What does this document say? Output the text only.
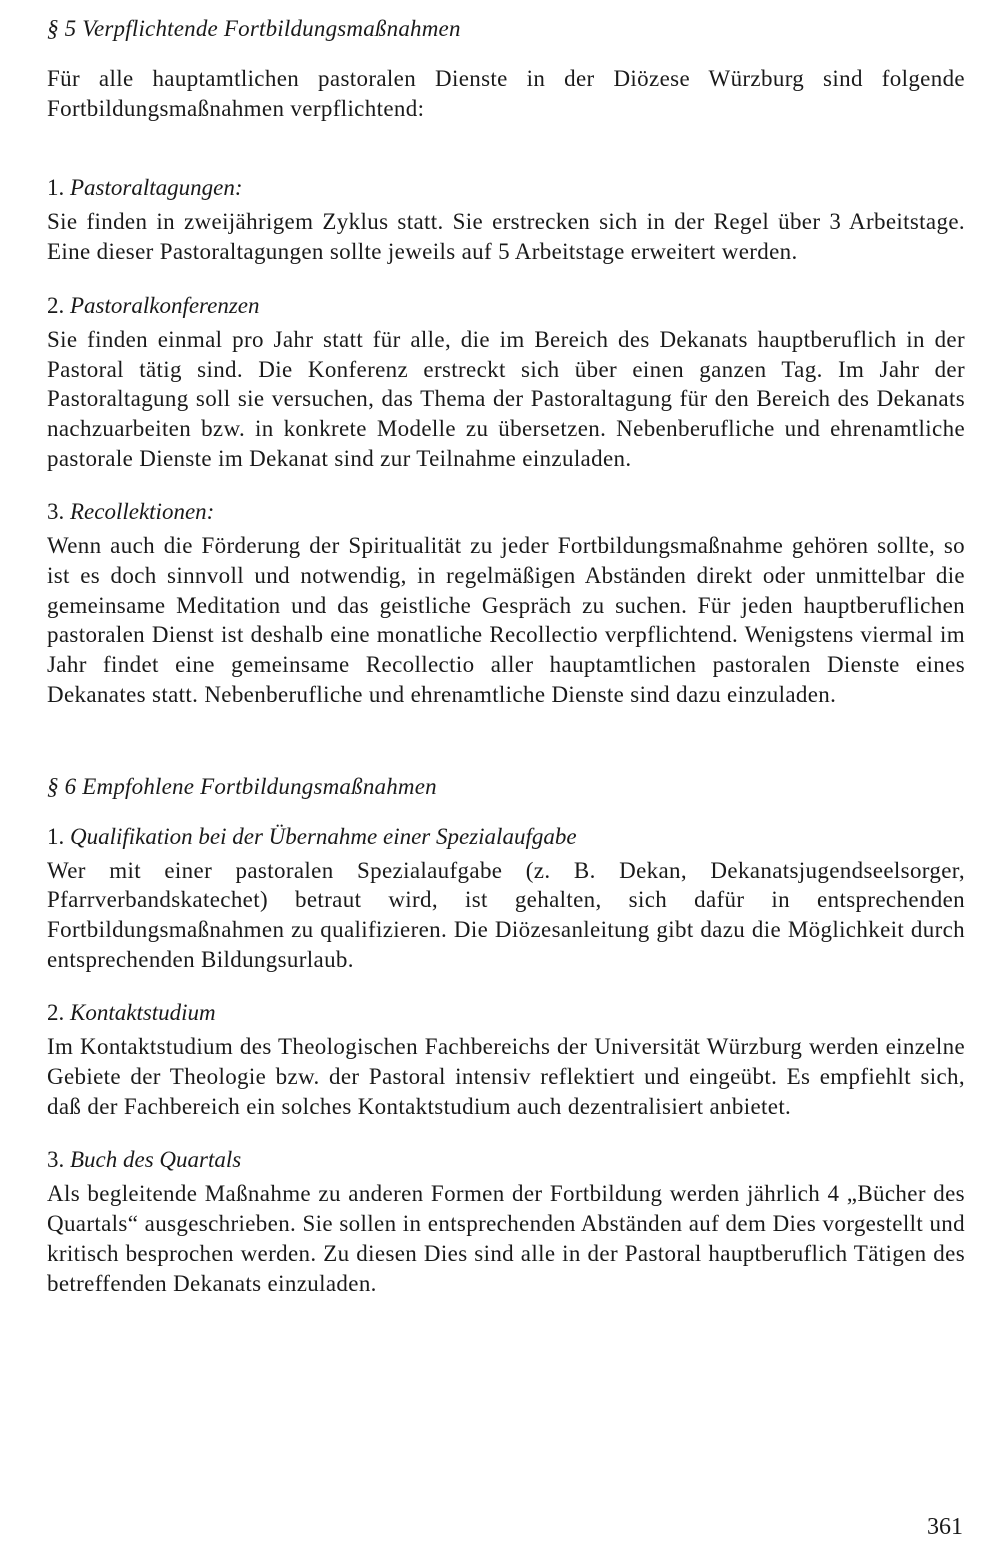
§ 5 Verpflichtende Fortbildungsmaßnahmen

Für alle hauptamtlichen pastoralen Dienste in der Diözese Würzburg sind folgende Fortbildungsmaßnahmen verpflichtend:

1. Pastoraltagungen:

Sie finden in zweijährigem Zyklus statt. Sie erstrecken sich in der Regel über 3 Arbeitstage. Eine dieser Pastoraltagungen sollte jeweils auf 5 Arbeitstage erweitert werden.

2. Pastoralkonferenzen

Sie finden einmal pro Jahr statt für alle, die im Bereich des Dekanats hauptberuflich in der Pastoral tätig sind. Die Konferenz erstreckt sich über einen ganzen Tag. Im Jahr der Pastoraltagung soll sie versuchen, das Thema der Pastoraltagung für den Bereich des Dekanats nachzuarbeiten bzw. in konkrete Modelle zu übersetzen. Nebenberufliche und ehrenamtliche pastorale Dienste im Dekanat sind zur Teilnahme einzuladen.

3. Recollektionen:

Wenn auch die Förderung der Spiritualität zu jeder Fortbildungsmaßnahme gehören sollte, so ist es doch sinnvoll und notwendig, in regelmäßigen Abständen direkt oder unmittelbar die gemeinsame Meditation und das geistliche Gespräch zu suchen. Für jeden hauptberuflichen pastoralen Dienst ist deshalb eine monatliche Recollectio verpflichtend. Wenigstens viermal im Jahr findet eine gemeinsame Recollectio aller hauptamtlichen pastoralen Dienste eines Dekanates statt. Nebenberufliche und ehrenamtliche Dienste sind dazu einzuladen.

§ 6 Empfohlene Fortbildungsmaßnahmen
1. Qualifikation bei der Übernahme einer Spezialaufgabe

Wer mit einer pastoralen Spezialaufgabe (z. B. Dekan, Dekanatsjugendseelsorger, Pfarrverbandskatechet) betraut wird, ist gehalten, sich dafür in entsprechenden Fortbildungsmaßnahmen zu qualifizieren. Die Diözesanleitung gibt dazu die Möglichkeit durch entsprechenden Bildungsurlaub.

2. Kontaktstudium

Im Kontaktstudium des Theologischen Fachbereichs der Universität Würzburg werden einzelne Gebiete der Theologie bzw. der Pastoral intensiv reflektiert und eingeübt. Es empfiehlt sich, daß der Fachbereich ein solches Kontaktstudium auch dezentralisiert anbietet.

3. Buch des Quartals

Als begleitende Maßnahme zu anderen Formen der Fortbildung werden jährlich 4 „Bücher des Quartals“ ausgeschrieben. Sie sollen in entsprechenden Abständen auf dem Dies vorgestellt und kritisch besprochen werden. Zu diesen Dies sind alle in der Pastoral hauptberuflich Tätigen des betreffenden Dekanats einzuladen.

361
